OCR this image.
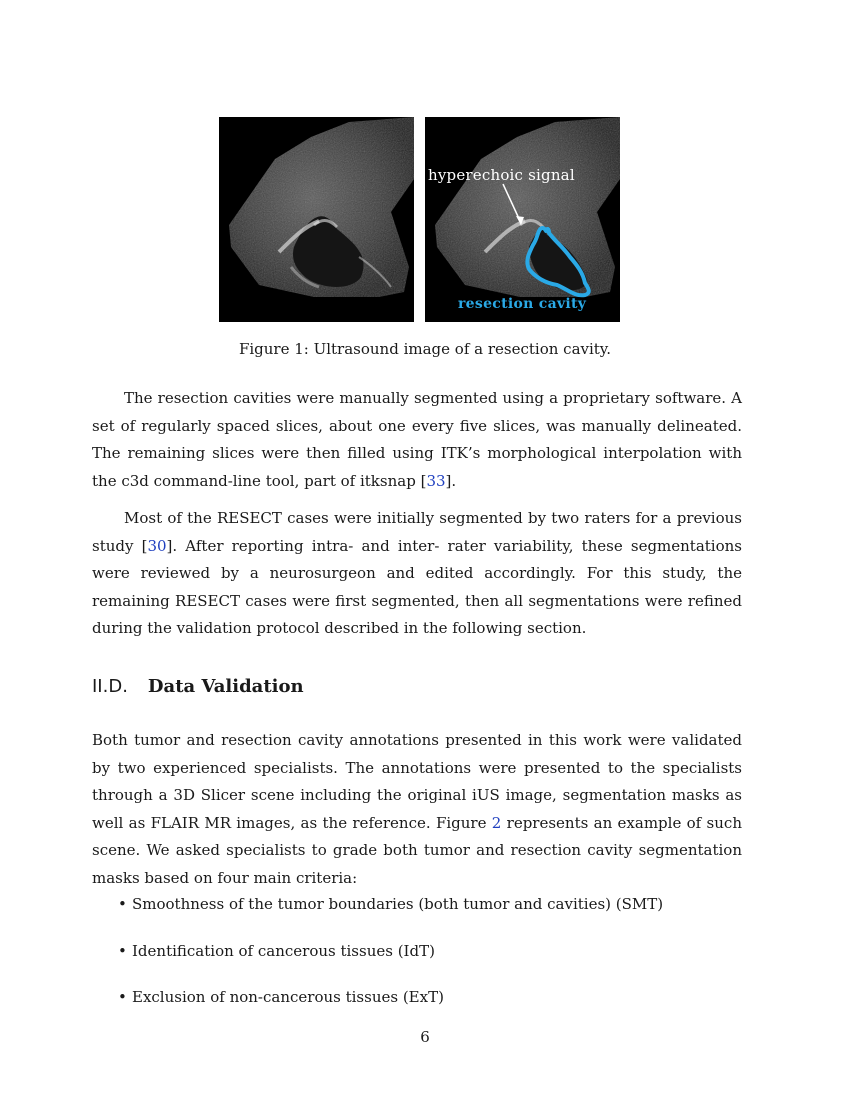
hyperechoic signal
resection cavity
Figure 1: Ultrasound image of a resection cavity.

The resection cavities were manually segmented using a proprietary software. A set of regularly spaced slices, about one every five slices, was manually delineated. The remaining slices were then filled using ITK’s morphological interpolation with the c3d command-line tool, part of itksnap [33].

Most of the RESECT cases were initially segmented by two raters for a previous study [30]. After reporting intra- and inter- rater variability, these segmentations were reviewed by a neurosurgeon and edited accordingly. For this study, the remaining RESECT cases were first segmented, then all segmentations were refined during the validation protocol described in the following section.

II.D. Data Validation

Both tumor and resection cavity annotations presented in this work were validated by two experienced specialists. The annotations were presented to the specialists through a 3D Slicer scene including the original iUS image, segmentation masks as well as FLAIR MR images, as the reference. Figure 2 represents an example of such scene. We asked specialists to grade both tumor and resection cavity segmentation masks based on four main criteria:

• Smoothness of the tumor boundaries (both tumor and cavities) (SMT)
• Identification of cancerous tissues (IdT)
• Exclusion of non-cancerous tissues (ExT)
6
